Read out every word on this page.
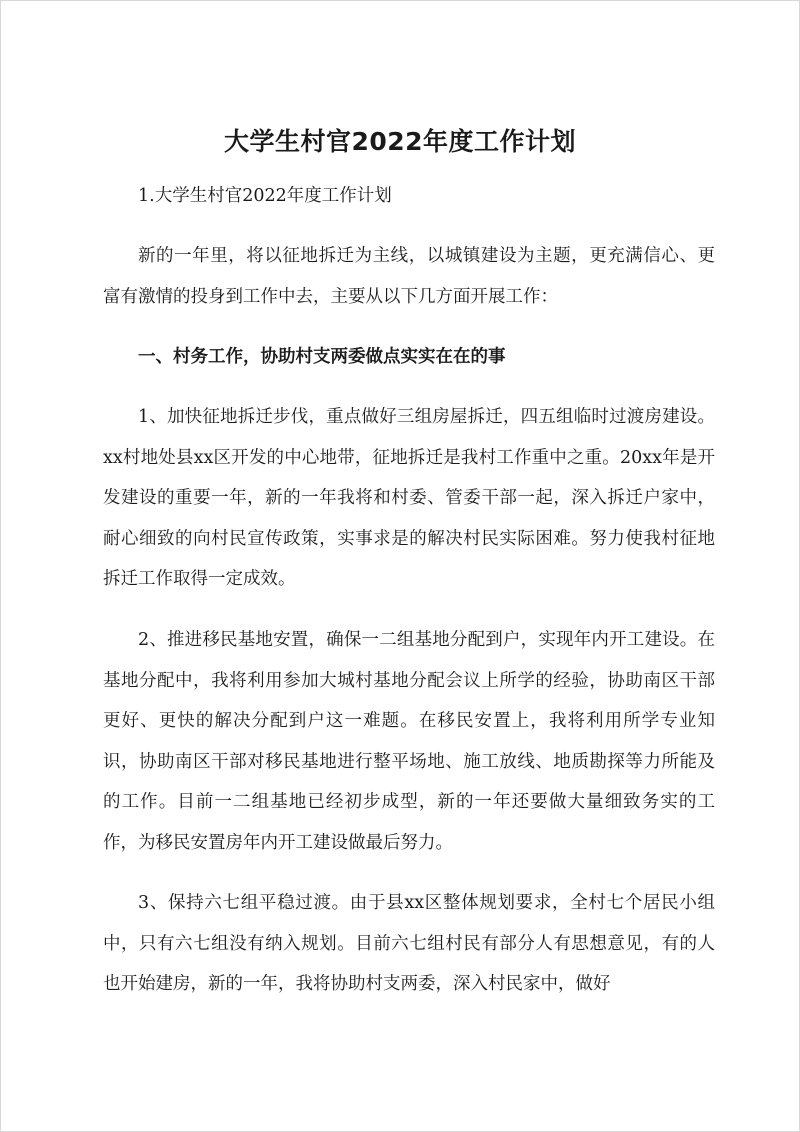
大学生村官2022年度工作计划

1.大学生村官2022年度工作计划

新的一年里，将以征地拆迁为主线，以城镇建设为主题，更充满信心、更富有激情的投身到工作中去，主要从以下几方面开展工作：

一、村务工作，协助村支两委做点实实在在的事

1、加快征地拆迁步伐，重点做好三组房屋拆迁，四五组临时过渡房建设。xx村地处县xx区开发的中心地带，征地拆迁是我村工作重中之重。20xx年是开发建设的重要一年，新的一年我将和村委、管委干部一起，深入拆迁户家中，耐心细致的向村民宣传政策，实事求是的解决村民实际困难。努力使我村征地拆迁工作取得一定成效。

2、推进移民基地安置，确保一二组基地分配到户，实现年内开工建设。在基地分配中，我将利用参加大城村基地分配会议上所学的经验，协助南区干部更好、更快的解决分配到户这一难题。在移民安置上，我将利用所学专业知识，协助南区干部对移民基地进行整平场地、施工放线、地质勘探等力所能及的工作。目前一二组基地已经初步成型，新的一年还要做大量细致务实的工作，为移民安置房年内开工建设做最后努力。

3、保持六七组平稳过渡。由于县xx区整体规划要求，全村七个居民小组中，只有六七组没有纳入规划。目前六七组村民有部分人有思想意见，有的人也开始建房，新的一年，我将协助村支两委，深入村民家中，做好
